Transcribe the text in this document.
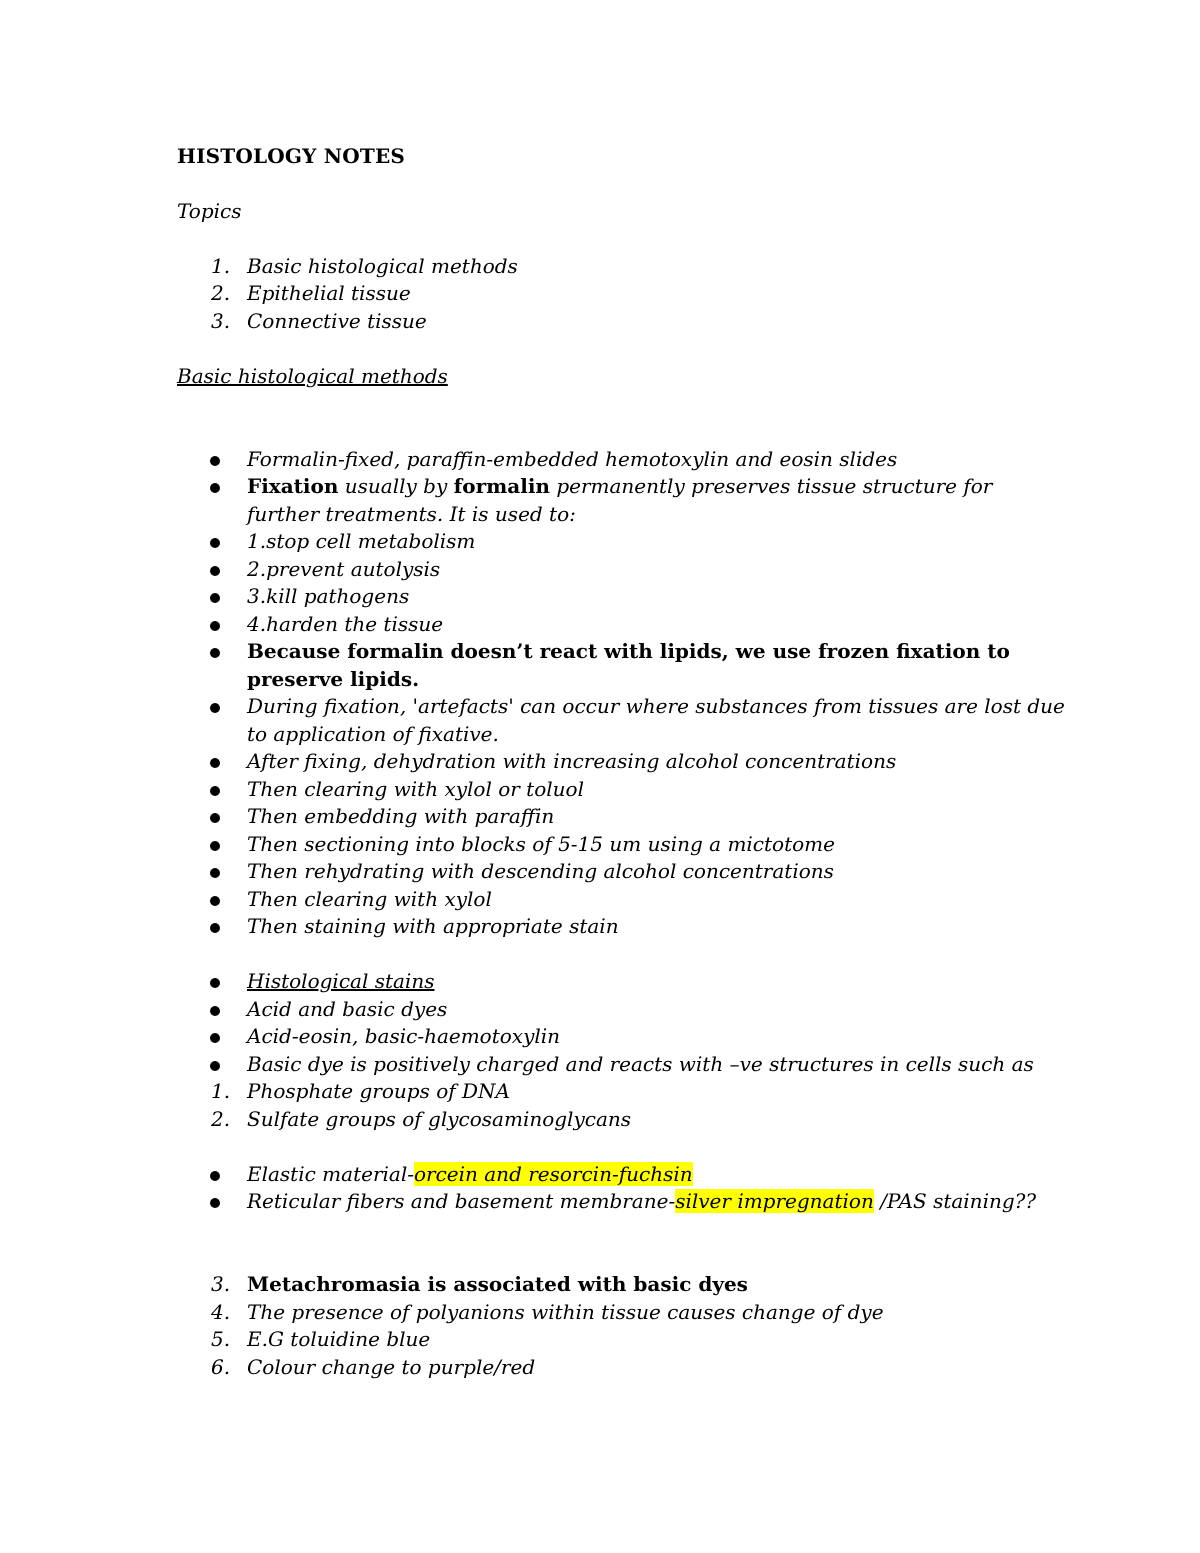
HISTOLOGY NOTES
Topics
1. Basic histological methods
2. Epithelial tissue
3. Connective tissue
Basic histological methods
Formalin-fixed, paraffin-embedded hemotoxylin and eosin slides
Fixation usually by formalin permanently preserves tissue structure for
further treatments. It is used to:
1.stop cell metabolism
2.prevent autolysis
3.kill pathogens
4.harden the tissue
Because formalin doesn’t react with lipids, we use frozen fixation to
preserve lipids.
During fixation, 'artefacts' can occur where substances from tissues are lost due
to application of fixative.
After fixing, dehydration with increasing alcohol concentrations
Then clearing with xylol or toluol
Then embedding with paraffin
Then sectioning into blocks of 5-15 um using a mictotome
Then rehydrating with descending alcohol concentrations
Then clearing with xylol
Then staining with appropriate stain
Histological stains
Acid and basic dyes
Acid-eosin, basic-haemotoxylin
Basic dye is positively charged and reacts with –ve structures in cells such as
1. Phosphate groups of DNA
2. Sulfate groups of glycosaminoglycans
Elastic material-orcein and resorcin-fuchsin
Reticular fibers and basement membrane-silver impregnation /PAS staining??
3. Metachromasia is associated with basic dyes
4. The presence of polyanions within tissue causes change of dye
5. E.G toluidine blue
6. Colour change to purple/red
